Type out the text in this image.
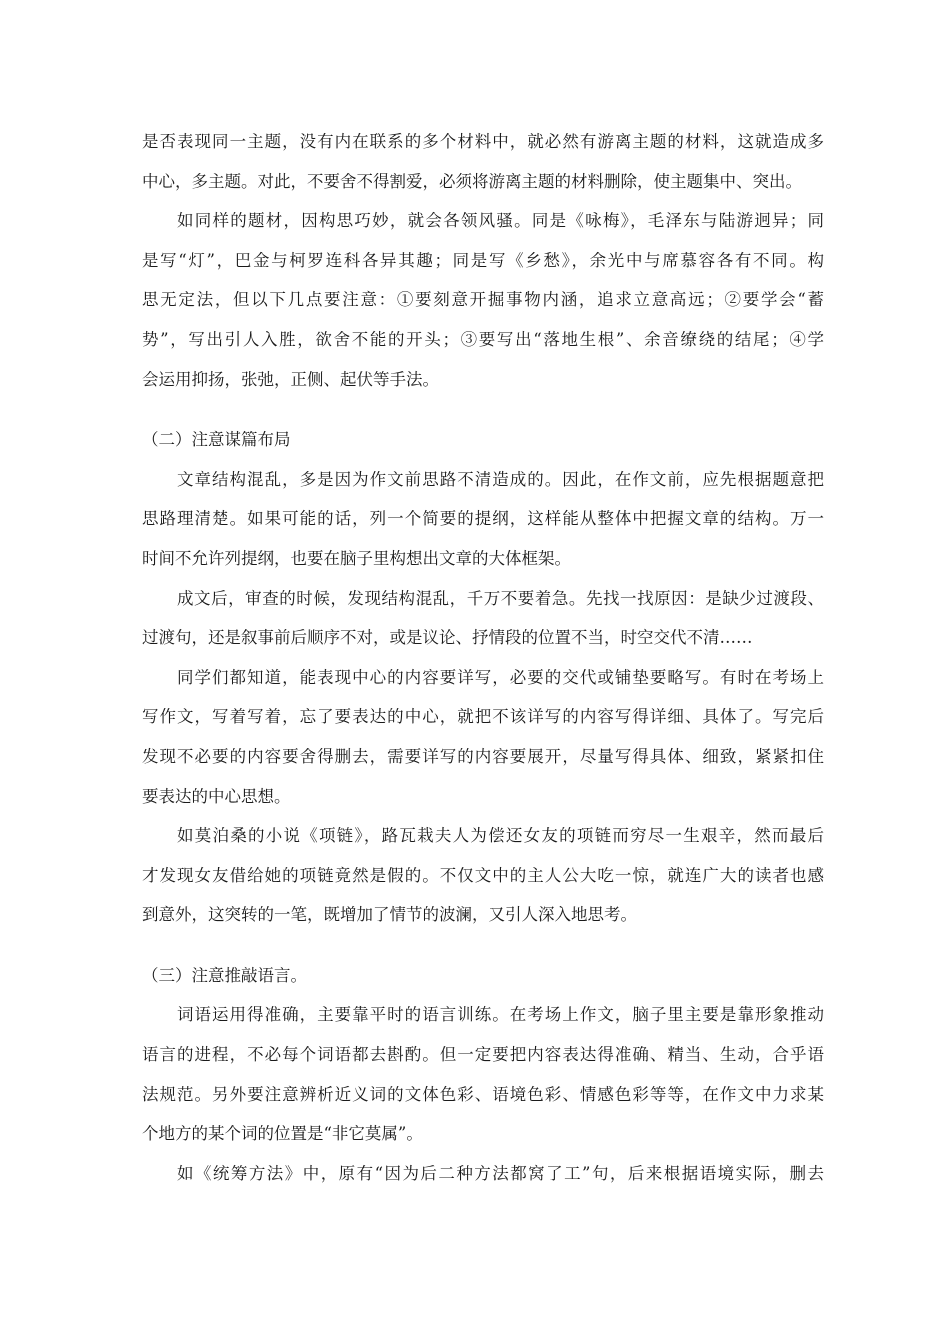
是否表现同一主题，没有内在联系的多个材料中，就必然有游离主题的材料，这就造成多
中心，多主题。对此，不要舍不得割爱，必须将游离主题的材料删除，使主题集中、突出。
如同样的题材，因构思巧妙，就会各领风骚。同是《咏梅》，毛泽东与陆游迥异；同
是写“灯”，巴金与柯罗连科各异其趣；同是写《乡愁》，余光中与席慕容各有不同。构
思无定法，但以下几点要注意：①要刻意开掘事物内涵，追求立意高远；②要学会“蓄
势”，写出引人入胜，欲舍不能的开头；③要写出“落地生根”、余音缭绕的结尾；④学
会运用抑扬，张弛，正侧、起伏等手法。
（二）注意谋篇布局
文章结构混乱，多是因为作文前思路不清造成的。因此，在作文前，应先根据题意把
思路理清楚。如果可能的话，列一个简要的提纲，这样能从整体中把握文章的结构。万一
时间不允许列提纲，也要在脑子里构想出文章的大体框架。
成文后，审查的时候，发现结构混乱，千万不要着急。先找一找原因：是缺少过渡段、
过渡句，还是叙事前后顺序不对，或是议论、抒情段的位置不当，时空交代不清……
同学们都知道，能表现中心的内容要详写，必要的交代或铺垫要略写。有时在考场上
写作文，写着写着，忘了要表达的中心，就把不该详写的内容写得详细、具体了。写完后
发现不必要的内容要舍得删去，需要详写的内容要展开，尽量写得具体、细致，紧紧扣住
要表达的中心思想。
如莫泊桑的小说《项链》，路瓦栽夫人为偿还女友的项链而穷尽一生艰辛，然而最后
才发现女友借给她的项链竟然是假的。不仅文中的主人公大吃一惊，就连广大的读者也感
到意外，这突转的一笔，既增加了情节的波澜，又引人深入地思考。
（三）注意推敲语言。
词语运用得准确，主要靠平时的语言训练。在考场上作文，脑子里主要是靠形象推动
语言的进程，不必每个词语都去斟酌。但一定要把内容表达得准确、精当、生动，合乎语
法规范。另外要注意辨析近义词的文体色彩、语境色彩、情感色彩等等，在作文中力求某
个地方的某个词的位置是“非它莫属”。
如《统筹方法》中，原有“因为后二种方法都窝了工”句，后来根据语境实际，删去
